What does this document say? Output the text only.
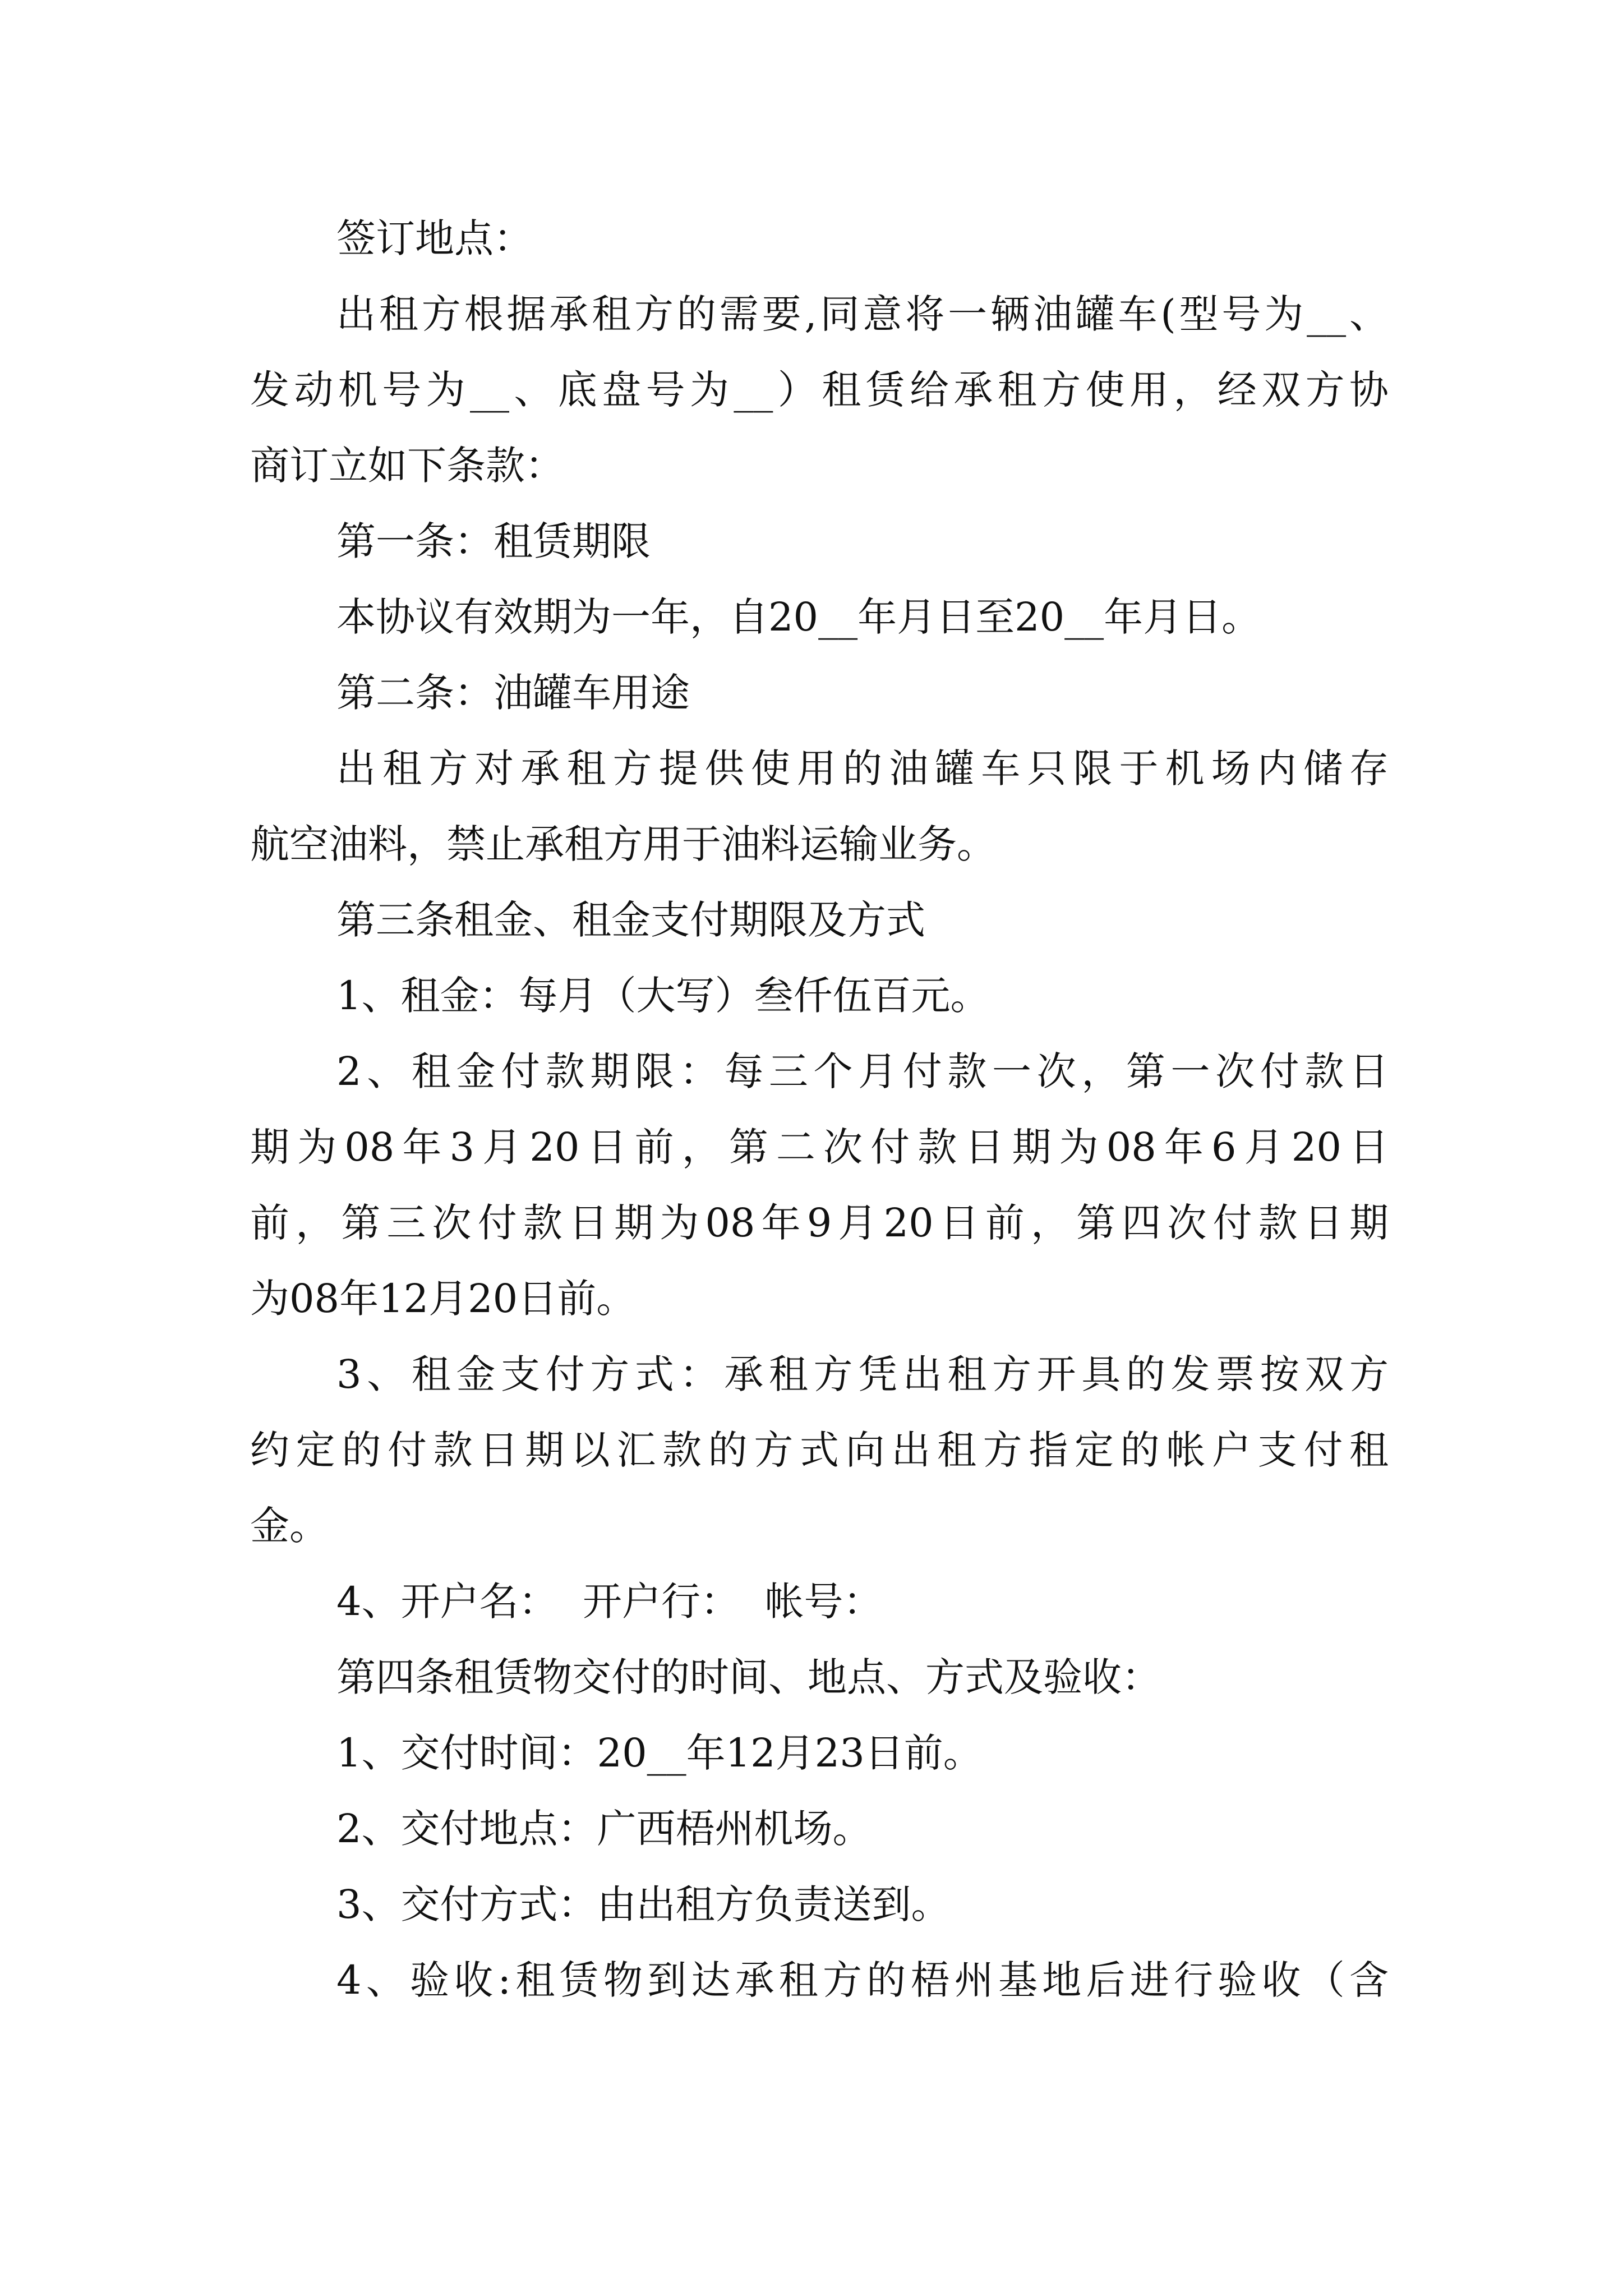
签订地点：
出租方根据承租方的需要,同意将一辆油罐车(型号为__、
发动机号为__、底盘号为__）租赁给承租方使用，经双方协
商订立如下条款：
第一条：租赁期限
本协议有效期为一年，自20__年月日至20__年月日。
第二条：油罐车用途
出租方对承租方提供使用的油罐车只限于机场内储存
航空油料，禁止承租方用于油料运输业务。
第三条租金、租金支付期限及方式
1、租金：每月（大写）叁仟伍百元。
2、租金付款期限：每三个月付款一次，第一次付款日
期为08年3月20日前，第二次付款日期为08年6月20日
前，第三次付款日期为08年9月20日前，第四次付款日期
为08年12月20日前。
3、租金支付方式：承租方凭出租方开具的发票按双方
约定的付款日期以汇款的方式向出租方指定的帐户支付租
金。
4、开户名：  开户行：  帐号：
第四条租赁物交付的时间、地点、方式及验收：
1、交付时间：20__年12月23日前。
2、交付地点：广西梧州机场。
3、交付方式：由出租方负责送到。
4、验收:租赁物到达承租方的梧州基地后进行验收（含
